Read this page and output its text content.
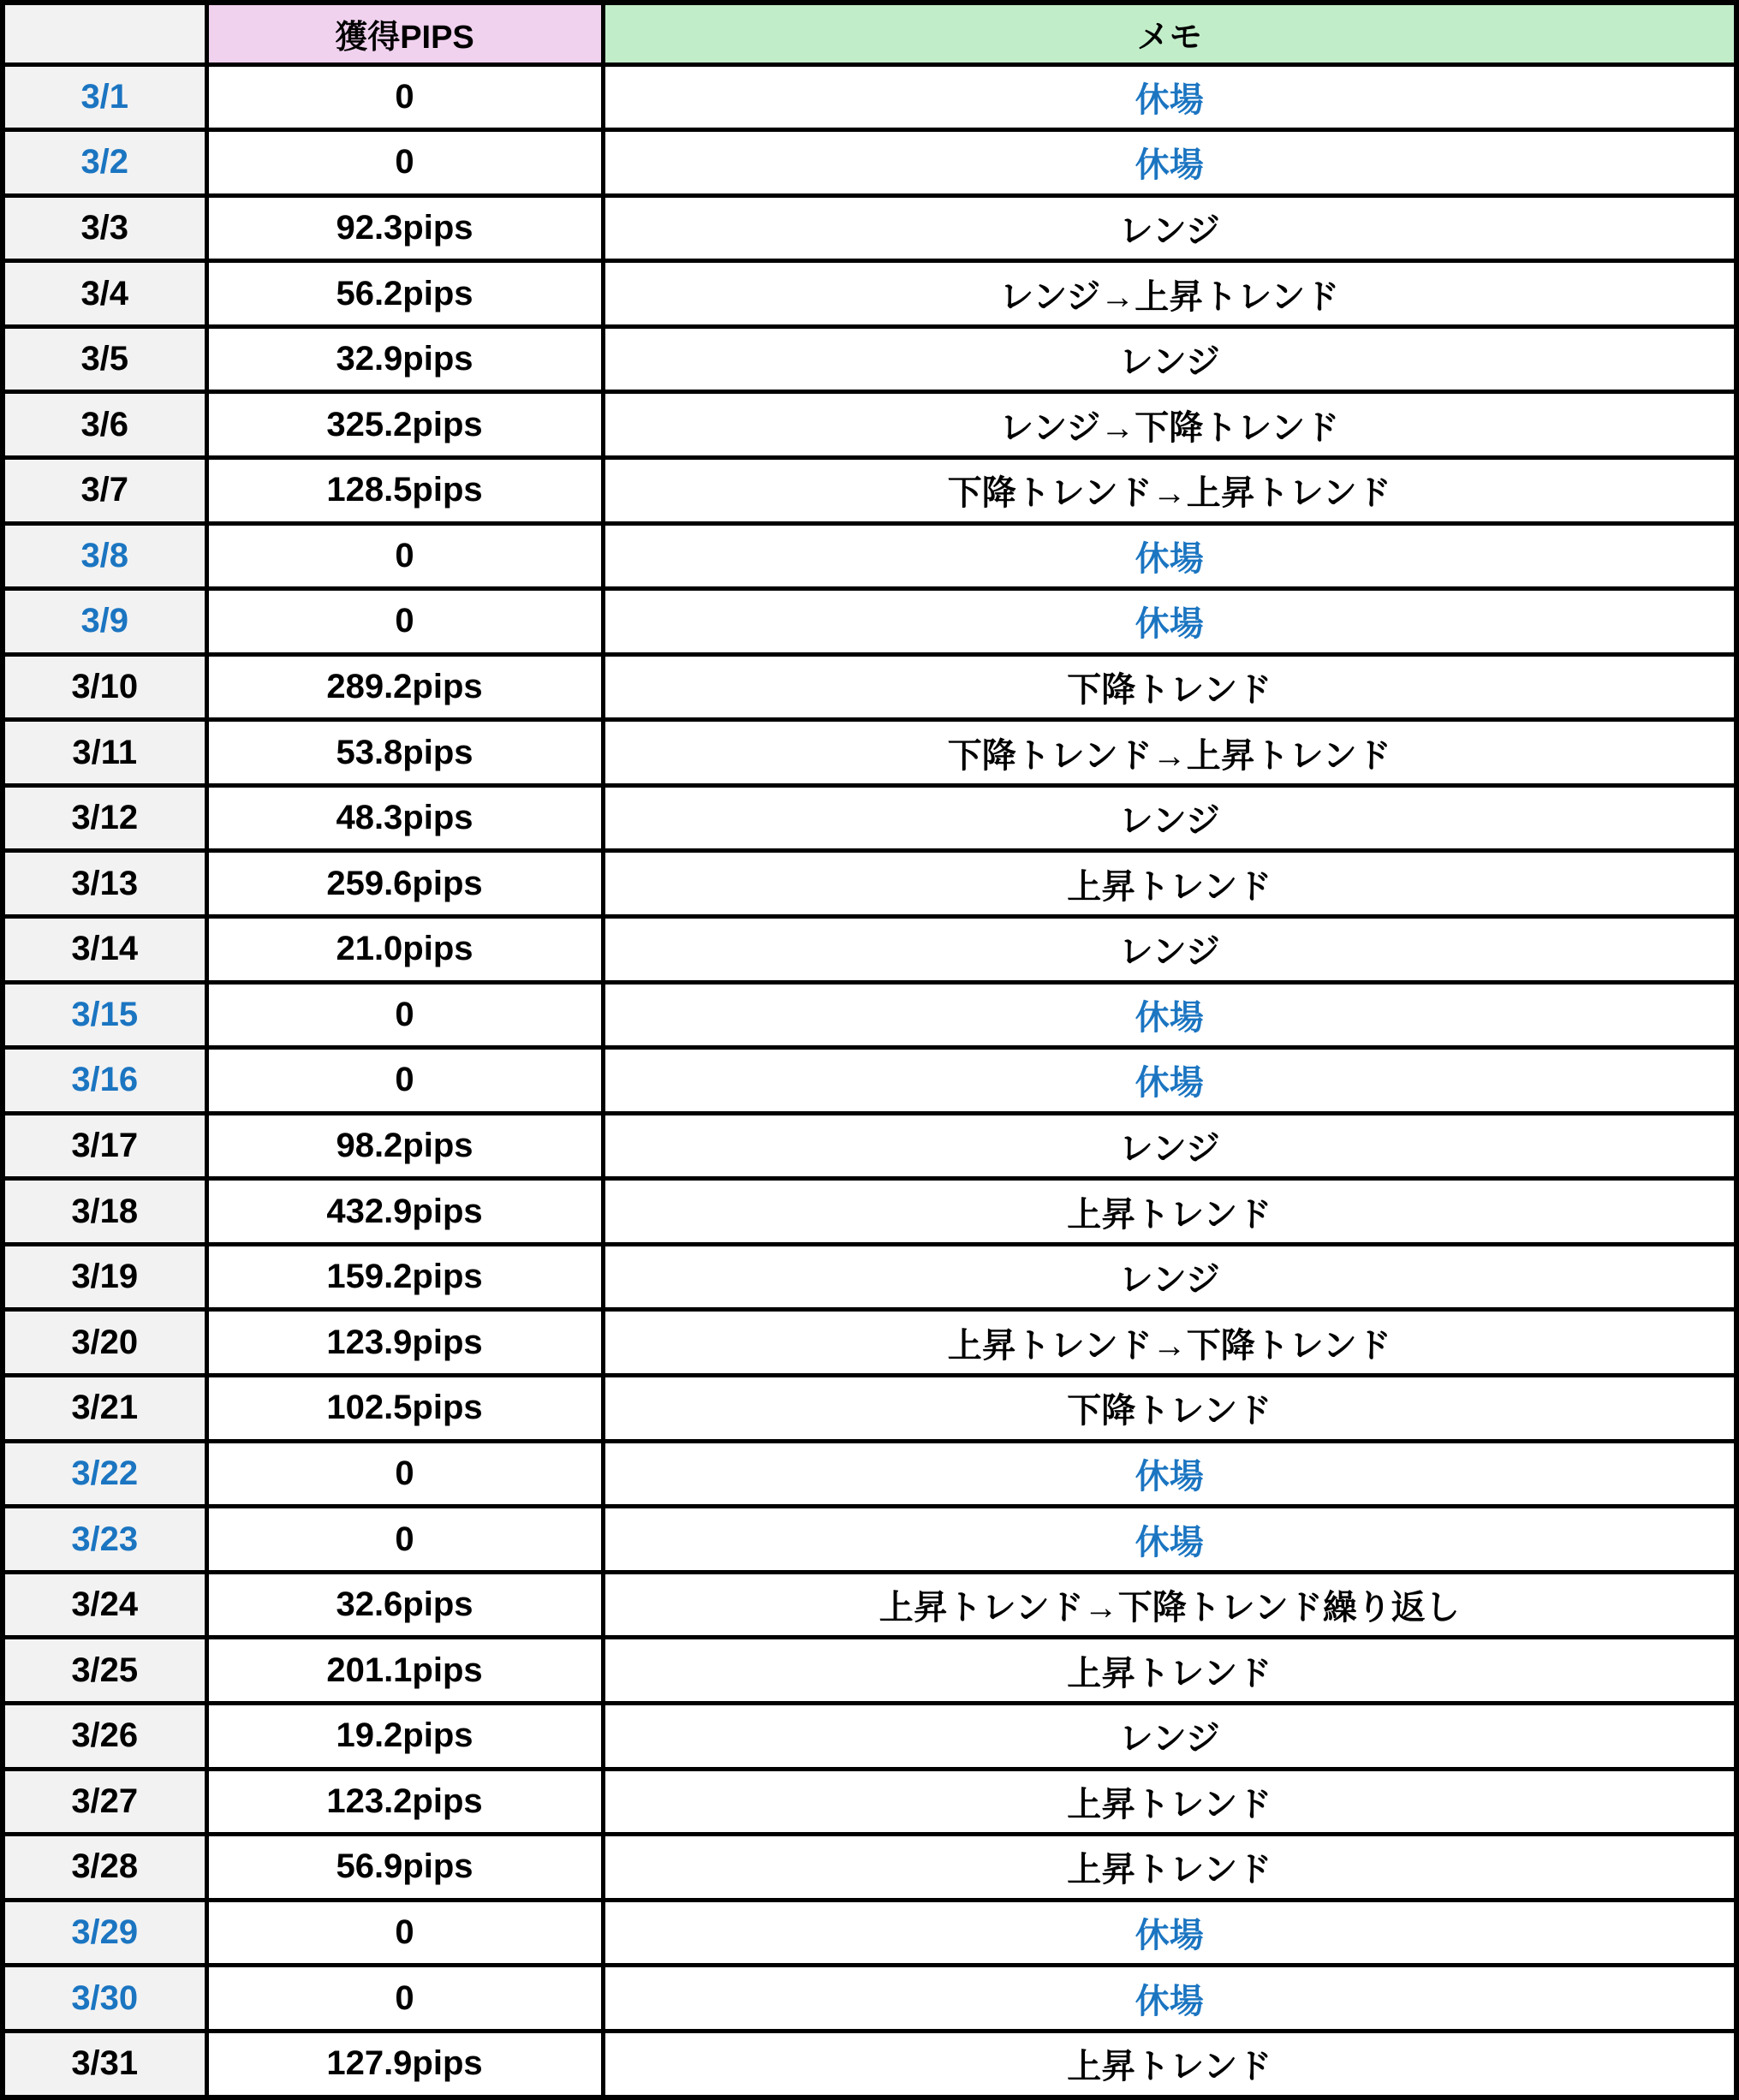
	獲得PIPS	メモ
3/1	0	休場
3/2	0	休場
3/3	92.3pips	レンジ
3/4	56.2pips	レンジ→上昇トレンド
3/5	32.9pips	レンジ
3/6	325.2pips	レンジ→下降トレンド
3/7	128.5pips	下降トレンド→上昇トレンド
3/8	0	休場
3/9	0	休場
3/10	289.2pips	下降トレンド
3/11	53.8pips	下降トレンド→上昇トレンド
3/12	48.3pips	レンジ
3/13	259.6pips	上昇トレンド
3/14	21.0pips	レンジ
3/15	0	休場
3/16	0	休場
3/17	98.2pips	レンジ
3/18	432.9pips	上昇トレンド
3/19	159.2pips	レンジ
3/20	123.9pips	上昇トレンド→下降トレンド
3/21	102.5pips	下降トレンド
3/22	0	休場
3/23	0	休場
3/24	32.6pips	上昇トレンド→下降トレンド繰り返し
3/25	201.1pips	上昇トレンド
3/26	19.2pips	レンジ
3/27	123.2pips	上昇トレンド
3/28	56.9pips	上昇トレンド
3/29	0	休場
3/30	0	休場
3/31	127.9pips	上昇トレンド
